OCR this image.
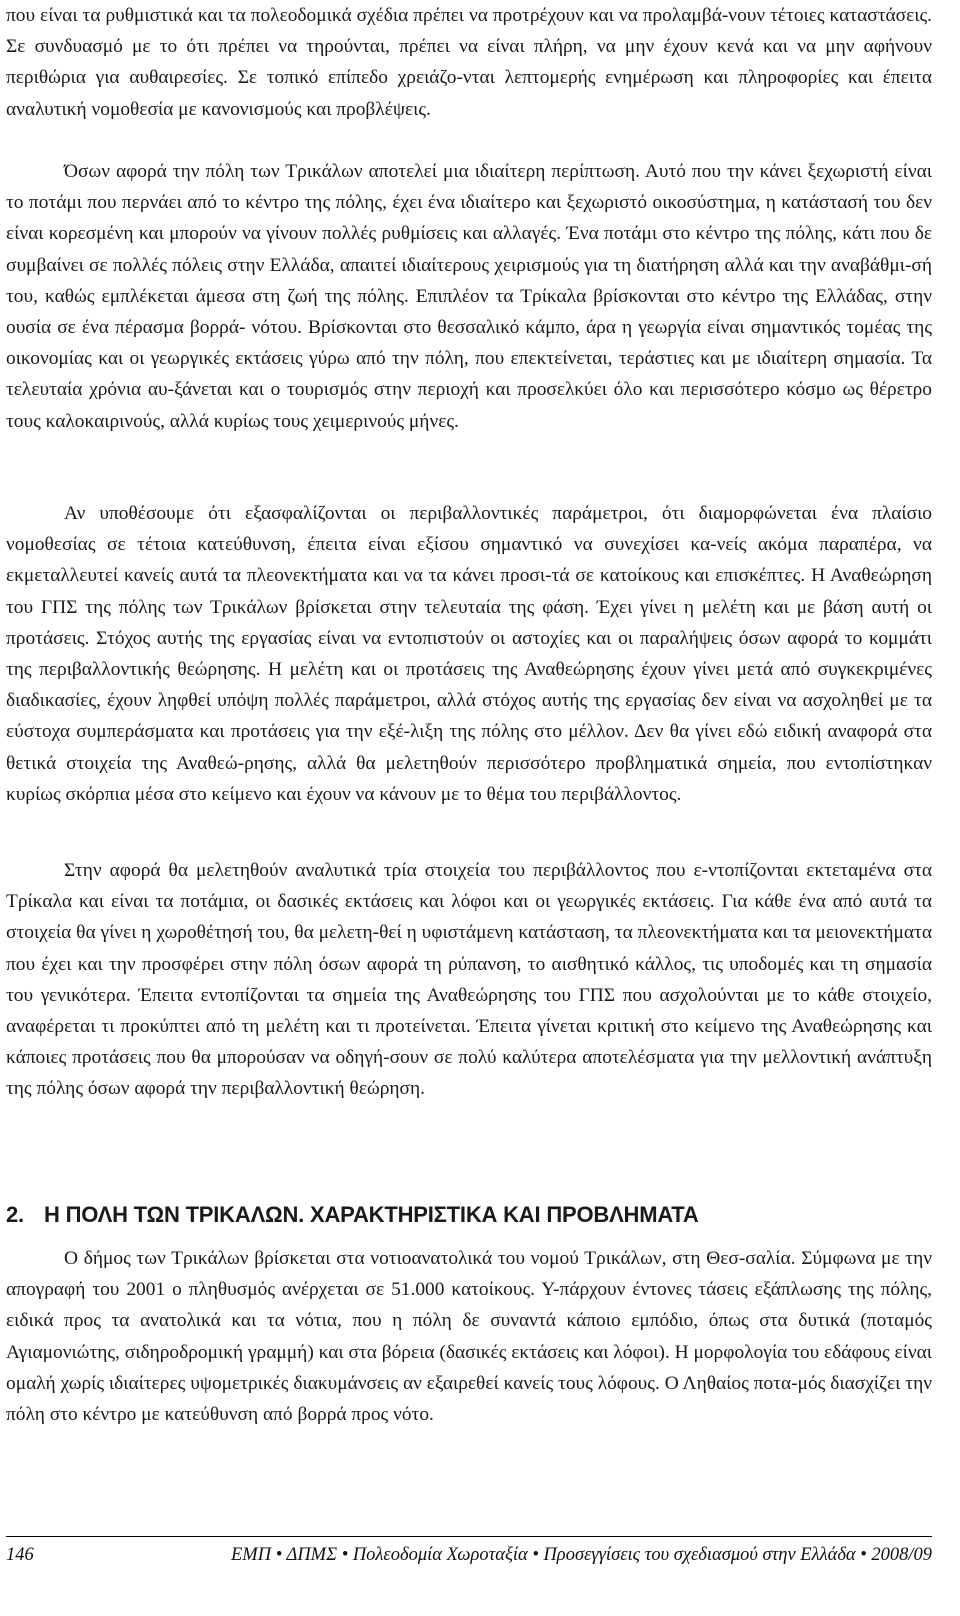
που είναι τα ρυθμιστικά και τα πολεοδομικά σχέδια πρέπει να προτρέχουν και να προλαμβά-νουν τέτοιες καταστάσεις. Σε συνδυασμό με το ότι πρέπει να τηρούνται, πρέπει να είναι πλήρη, να μην έχουν κενά και να μην αφήνουν περιθώρια για αυθαιρεσίες. Σε τοπικό επίπεδο χρειάζο-νται λεπτομερής ενημέρωση και πληροφορίες και έπειτα αναλυτική νομοθεσία με κανονισμούς και προβλέψεις.

Όσων αφορά την πόλη των Τρικάλων αποτελεί μια ιδιαίτερη περίπτωση. Αυτό που την κάνει ξεχωριστή είναι το ποτάμι που περνάει από το κέντρο της πόλης, έχει ένα ιδιαίτερο και ξεχωριστό οικοσύστημα, η κατάστασή του δεν είναι κορεσμένη και μπορούν να γίνουν πολλές ρυθμίσεις και αλλαγές. Ένα ποτάμι στο κέντρο της πόλης, κάτι που δε συμβαίνει σε πολλές πόλεις στην Ελλάδα, απαιτεί ιδιαίτερους χειρισμούς για τη διατήρηση αλλά και την αναβάθμι-σή του, καθώς εμπλέκεται άμεσα στη ζωή της πόλης. Επιπλέον τα Τρίκαλα βρίσκονται στο κέντρο της Ελλάδας, στην ουσία σε ένα πέρασμα βορρά- νότου. Βρίσκονται στο θεσσαλικό κάμπο, άρα η γεωργία είναι σημαντικός τομέας της οικονομίας και οι γεωργικές εκτάσεις γύρω από την πόλη, που επεκτείνεται, τεράστιες και με ιδιαίτερη σημασία. Τα τελευταία χρόνια αυ-ξάνεται και ο τουρισμός στην περιοχή και προσελκύει όλο και περισσότερο κόσμο ως θέρετρο τους καλοκαιρινούς, αλλά κυρίως τους χειμερινούς μήνες.

Αν υποθέσουμε ότι εξασφαλίζονται οι περιβαλλοντικές παράμετροι, ότι διαμορφώνεται ένα πλαίσιο νομοθεσίας σε τέτοια κατεύθυνση, έπειτα είναι εξίσου σημαντικό να συνεχίσει κα-νείς ακόμα παραπέρα, να εκμεταλλευτεί κανείς αυτά τα πλεονεκτήματα και να τα κάνει προσι-τά σε κατοίκους και επισκέπτες. Η Αναθεώρηση του ΓΠΣ της πόλης των Τρικάλων βρίσκεται στην τελευταία της φάση. Έχει γίνει η μελέτη και με βάση αυτή οι προτάσεις. Στόχος αυτής της εργασίας είναι να εντοπιστούν οι αστοχίες και οι παραλήψεις όσων αφορά το κομμάτι της περιβαλλοντικής θεώρησης. Η μελέτη και οι προτάσεις της Αναθεώρησης έχουν γίνει μετά από συγκεκριμένες διαδικασίες, έχουν ληφθεί υπόψη πολλές παράμετροι, αλλά στόχος αυτής της εργασίας δεν είναι να ασχοληθεί με τα εύστοχα συμπεράσματα και προτάσεις για την εξέ-λιξη της πόλης στο μέλλον. Δεν θα γίνει εδώ ειδική αναφορά στα θετικά στοιχεία της Αναθεώ-ρησης, αλλά θα μελετηθούν περισσότερο προβληματικά σημεία, που εντοπίστηκαν κυρίως σκόρπια μέσα στο κείμενο και έχουν να κάνουν με το θέμα του περιβάλλοντος.

Στην αφορά θα μελετηθούν αναλυτικά τρία στοιχεία του περιβάλλοντος που ε-ντοπίζονται εκτεταμένα στα Τρίκαλα και είναι τα ποτάμια, οι δασικές εκτάσεις και λόφοι και οι γεωργικές εκτάσεις. Για κάθε ένα από αυτά τα στοιχεία θα γίνει η χωροθέτησή του, θα μελετη-θεί η υφιστάμενη κατάσταση, τα πλεονεκτήματα και τα μειονεκτήματα που έχει και την προσφέρει στην πόλη όσων αφορά τη ρύπανση, το αισθητικό κάλλος, τις υποδομές και τη σημασία του γενικότερα. Έπειτα εντοπίζονται τα σημεία της Αναθεώρησης του ΓΠΣ που ασχολούνται με το κάθε στοιχείο, αναφέρεται τι προκύπτει από τη μελέτη και τι προτείνεται. Έπειτα γίνεται κριτική στο κείμενο της Αναθεώρησης και κάποιες προτάσεις που θα μπορούσαν να οδηγή-σουν σε πολύ καλύτερα αποτελέσματα για την μελλοντική ανάπτυξη της πόλης όσων αφορά την περιβαλλοντική θεώρηση.

2. Η ΠΟΛΗ ΤΩΝ ΤΡΙΚΑΛΩΝ. ΧΑΡΑΚΤΗΡΙΣΤΙΚΑ ΚΑΙ ΠΡΟΒΛΗΜΑΤΑ

Ο δήμος των Τρικάλων βρίσκεται στα νοτιοανατολικά του νομού Τρικάλων, στη Θεσ-σαλία. Σύμφωνα με την απογραφή του 2001 ο πληθυσμός ανέρχεται σε 51.000 κατοίκους. Υ-πάρχουν έντονες τάσεις εξάπλωσης της πόλης, ειδικά προς τα ανατολικά και τα νότια, που η πόλη δε συναντά κάποιο εμπόδιο, όπως στα δυτικά (ποταμός Αγιαμονιώτης, σιδηροδρομική γραμμή) και στα βόρεια (δασικές εκτάσεις και λόφοι). Η μορφολογία του εδάφους είναι ομαλή χωρίς ιδιαίτερες υψομετρικές διακυμάνσεις αν εξαιρεθεί κανείς τους λόφους. Ο Ληθαίος ποτα-μός διασχίζει την πόλη στο κέντρο με κατεύθυνση από βορρά προς νότο.

146	ΕΜΠ • ΔΠΜΣ • Πολεοδομία Χωροταξία • Προσεγγίσεις του σχεδιασμού στην Ελλάδα • 2008/09
